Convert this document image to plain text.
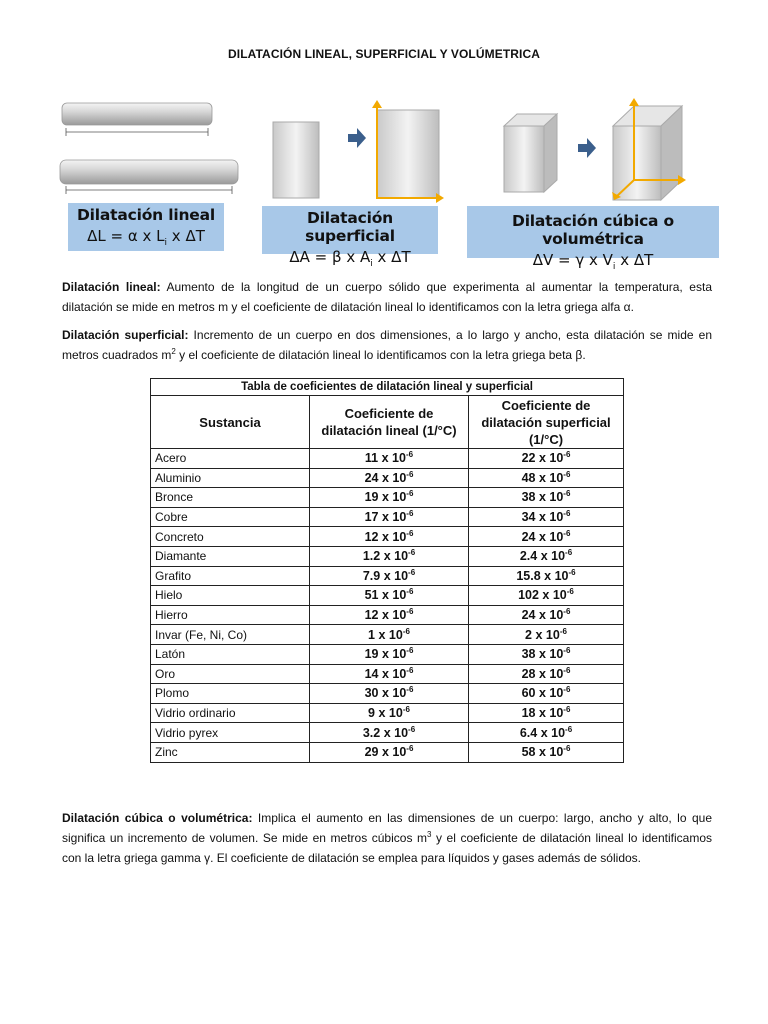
DILATACIÓN LINEAL, SUPERFICIAL Y VOLÚMETRICA
Dilatación lineal
ΔL = α x $L_i$ x ΔT
Dilatación superficial
ΔA = β x $A_i$ x ΔT
Dilatación cúbica o volumétrica
ΔV = γ x $V_i$ x ΔT
Dilatación lineal: Aumento de la longitud de un cuerpo sólido que experimenta al aumentar la temperatura, esta dilatación se mide en metros m y el coeficiente de dilatación lineal lo identificamos con la letra griega alfa α.
Dilatación superficial: Incremento de un cuerpo en dos dimensiones, a lo largo y ancho, esta dilatación se mide en metros cuadrados $m^2$ y el coeficiente de dilatación lineal lo identificamos con la letra griega beta β.
Tabla de coeficientes de dilatación lineal y superficial		
Sustancia	Coeficiente de dilatación lineal (1/°C)	Coeficiente de dilatación superficial (1/°C)
Acero	11 x $10^{-6}$	22 x $10^{-6}$
Aluminio	24 x $10^{-6}$	48 x $10^{-6}$
Bronce	19 x $10^{-6}$	38 x $10^{-6}$
Cobre	17 x $10^{-6}$	34 x $10^{-6}$
Concreto	12 x $10^{-6}$	24 x $10^{-6}$
Diamante	1.2 x $10^{-6}$	2.4 x $10^{-6}$
Grafito	7.9 x $10^{-6}$	15.8 x $10^{-6}$
Hielo	51 x $10^{-6}$	102 x $10^{-6}$
Hierro	12 x $10^{-6}$	24 x $10^{-6}$
Invar (Fe, Ni, Co)	1 x $10^{-6}$	2 x $10^{-6}$
Latón	19 x $10^{-6}$	38 x $10^{-6}$
Oro	14 x $10^{-6}$	28 x $10^{-6}$
Plomo	30 x $10^{-6}$	60 x $10^{-6}$
Vidrio ordinario	9 x $10^{-6}$	18 x $10^{-6}$
Vidrio pyrex	3.2 x $10^{-6}$	6.4 x $10^{-6}$
Zinc	29 x $10^{-6}$	58 x $10^{-6}$
Dilatación cúbica o volumétrica: Implica el aumento en las dimensiones de un cuerpo: largo, ancho y alto, lo que significa un incremento de volumen. Se mide en metros cúbicos $m^3$ y el coeficiente de dilatación lineal lo identificamos con la letra griega gamma γ. El coeficiente de dilatación se emplea para líquidos y gases además de sólidos.
